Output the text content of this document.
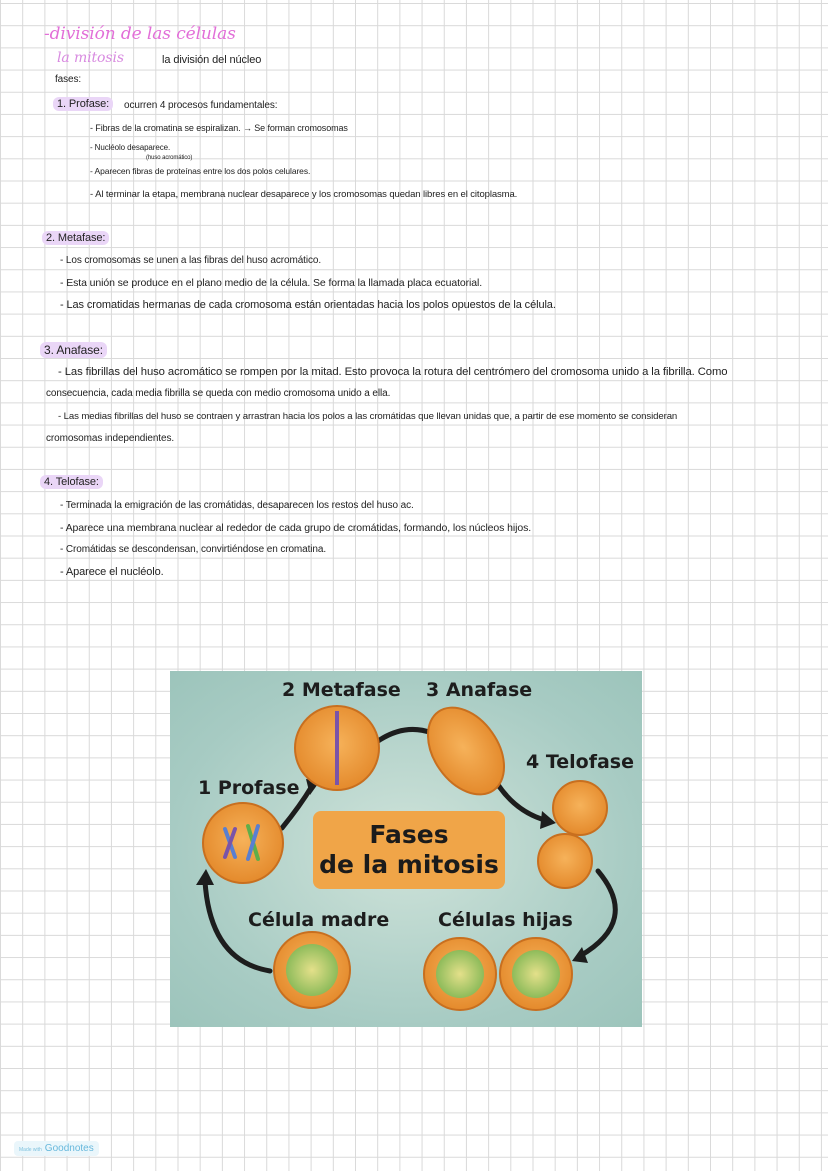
-división de las células
la mitosis	la división del núcleo
fases:
1. Profase:	ocurren 4 procesos fundamentales:
- Fibras de la cromatina se espiralizan. → Se forman cromosomas
- Nucléolo desaparece.
(huso acromático)
- Aparecen fibras de proteínas entre los dos polos celulares.
- Al terminar la etapa, membrana nuclear desaparece y los cromosomas quedan libres en el citoplasma.
2. Metafase:
- Los cromosomas se unen a las fibras del huso acromático.
- Esta unión se produce en el plano medio de la célula. Se forma la llamada placa ecuatorial.
- Las cromatidas hermanas de cada cromosoma están orientadas hacia los polos opuestos de la célula.
3. Anafase:
- Las fibrillas del huso acromático se rompen por la mitad. Esto provoca la rotura del centrómero del cromosoma unido a la fibrilla. Como
consecuencia, cada media fibrilla se queda con medio cromosoma unido a ella.
- Las medias fibrillas del huso se contraen y arrastran hacia los polos a las cromátidas que llevan unidas que, a partir de ese momento se consideran
cromosomas independientes.
4. Telofase:
- Terminada la emigración de las cromátidas, desaparecen los restos del huso ac.
- Aparece una membrana nuclear al rededor de cada grupo de cromátidas, formando, los núcleos hijos.
- Cromátidas se descondensan, convirtiéndose en cromatina.
- Aparece el nucléolo.
2 Metafase 3 Anafase
4 Telofase
1 Profase
Célula madre	Células hijas
Fases
de la mitosis
Made with Goodnotes
